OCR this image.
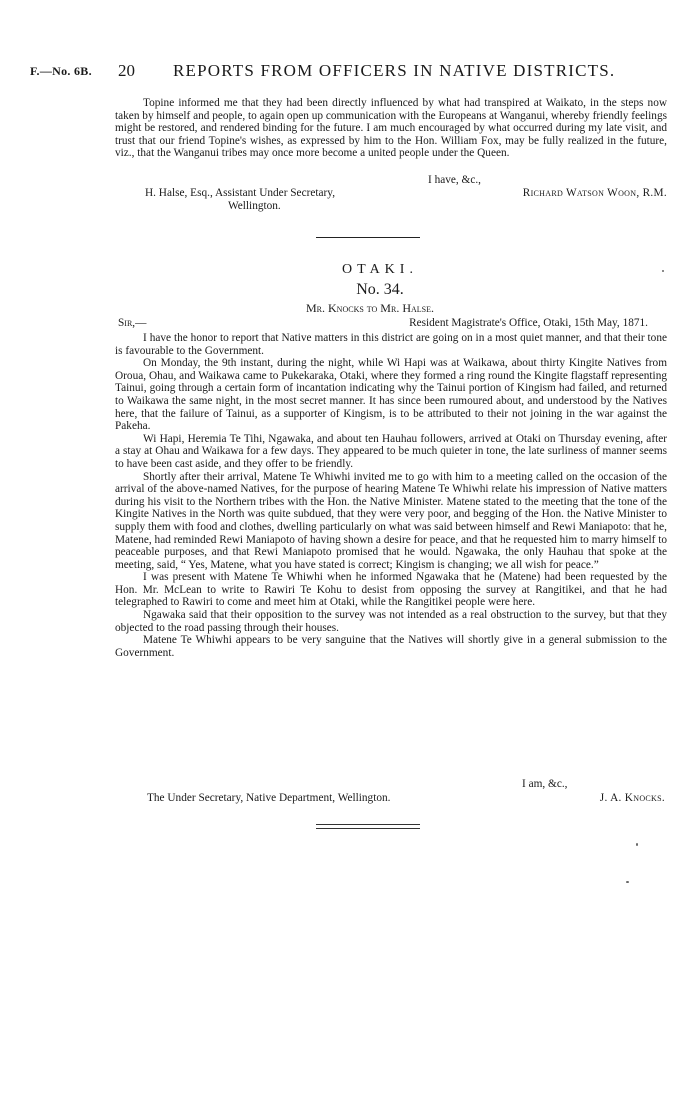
F.—No. 6B. 20 REPORTS FROM OFFICERS IN NATIVE DISTRICTS.

Topine informed me that they had been directly influenced by what had transpired at Waikato, in the steps now taken by himself and people, to again open up communication with the Europeans at Wanganui, whereby friendly feelings might be restored, and rendered binding for the future. I am much encouraged by what occurred during my late visit, and trust that our friend Topine's wishes, as expressed by him to the Hon. William Fox, may be fully realized in the future, viz., that the Wanganui tribes may once more become a united people under the Queen.

I have, &c.,
H. Halse, Esq., Assistant Under Secretary,
Wellington.
Richard Watson Woon, R.M.
OTAKI.
No. 34.
Mr. Knocks to Mr. Halse.
Sir,—	Resident Magistrate's Office, Otaki, 15th May, 1871.

I have the honor to report that Native matters in this district are going on in a most quiet manner, and that their tone is favourable to the Government.

On Monday, the 9th instant, during the night, while Wi Hapi was at Waikawa, about thirty Kingite Natives from Oroua, Ohau, and Waikawa came to Pukekaraka, Otaki, where they formed a ring round the Kingite flagstaff representing Tainui, going through a certain form of incantation indicating why the Tainui portion of Kingism had failed, and returned to Waikawa the same night, in the most secret manner. It has since been rumoured about, and understood by the Natives here, that the failure of Tainui, as a supporter of Kingism, is to be attributed to their not joining in the war against the Pakeha.

Wi Hapi, Heremia Te Tihi, Ngawaka, and about ten Hauhau followers, arrived at Otaki on Thursday evening, after a stay at Ohau and Waikawa for a few days. They appeared to be much quieter in tone, the late surliness of manner seems to have been cast aside, and they offer to be friendly.

Shortly after their arrival, Matene Te Whiwhi invited me to go with him to a meeting called on the occasion of the arrival of the above-named Natives, for the purpose of hearing Matene Te Whiwhi relate his impression of Native matters during his visit to the Northern tribes with the Hon. the Native Minister. Matene stated to the meeting that the tone of the Kingite Natives in the North was quite subdued, that they were very poor, and begging of the Hon. the Native Minister to supply them with food and clothes, dwelling particularly on what was said between himself and Rewi Maniapoto: that he, Matene, had reminded Rewi Maniapoto of having shown a desire for peace, and that he requested him to marry himself to peaceable purposes, and that Rewi Maniapoto promised that he would. Ngawaka, the only Hauhau that spoke at the meeting, said, “ Yes, Matene, what you have stated is correct; Kingism is changing; we all wish for peace.”

I was present with Matene Te Whiwhi when he informed Ngawaka that he (Matene) had been requested by the Hon. Mr. McLean to write to Rawiri Te Kohu to desist from opposing the survey at Rangitikei, and that he had telegraphed to Rawiri to come and meet him at Otaki, while the Rangitikei people were here.

Ngawaka said that their opposition to the survey was not intended as a real obstruction to the survey, but that they objected to the road passing through their houses.

Matene Te Whiwhi appears to be very sanguine that the Natives will shortly give in a general submission to the Government.

I am, &c.,
The Under Secretary, Native Department, Wellington.	J. A. Knocks.
